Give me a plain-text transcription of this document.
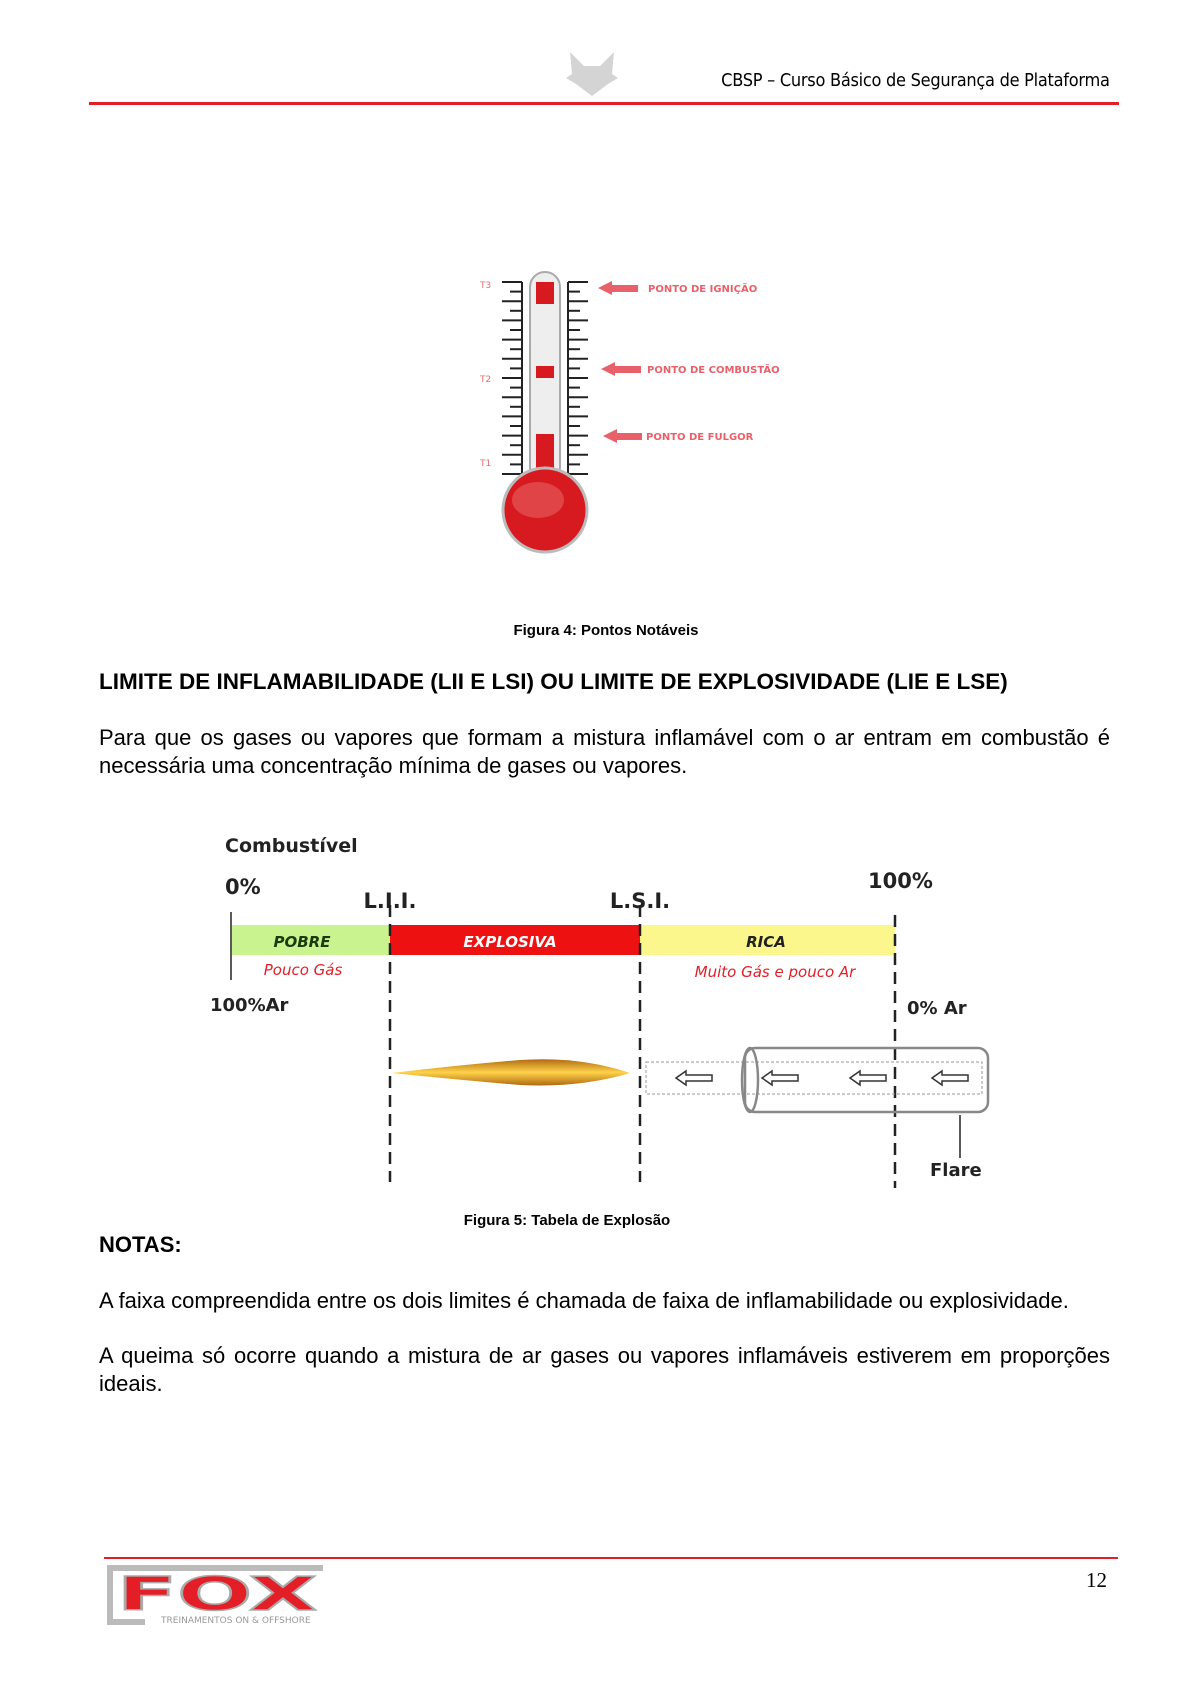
CBSP – Curso Básico de Segurança de Plataforma
T3
T2
T1
PONTO DE IGNIÇÃO
PONTO DE COMBUSTÃO
PONTO DE FULGOR
Figura 4: Pontos Notáveis
LIMITE DE INFLAMABILIDADE (LII E LSI) OU LIMITE DE EXPLOSIVIDADE (LIE E LSE)
Para que os gases ou vapores que formam a mistura inflamável com o ar entram em combustão é necessária uma concentração mínima de gases ou vapores.
Combustível
0%	100%
L.I.I.	L.S.I.
POBRE	EXPLOSIVA	RICA
Pouco Gás	Muito Gás e pouco Ar
100%Ar	0% Ar
Flare
Figura 5: Tabela de Explosão
NOTAS:
A faixa compreendida entre os dois limites é chamada de faixa de inflamabilidade ou explosividade.
A queima só ocorre quando a mistura de ar gases ou vapores inflamáveis estiverem em proporções ideais.
FOX
TREINAMENTOS ON & OFFSHORE
12
